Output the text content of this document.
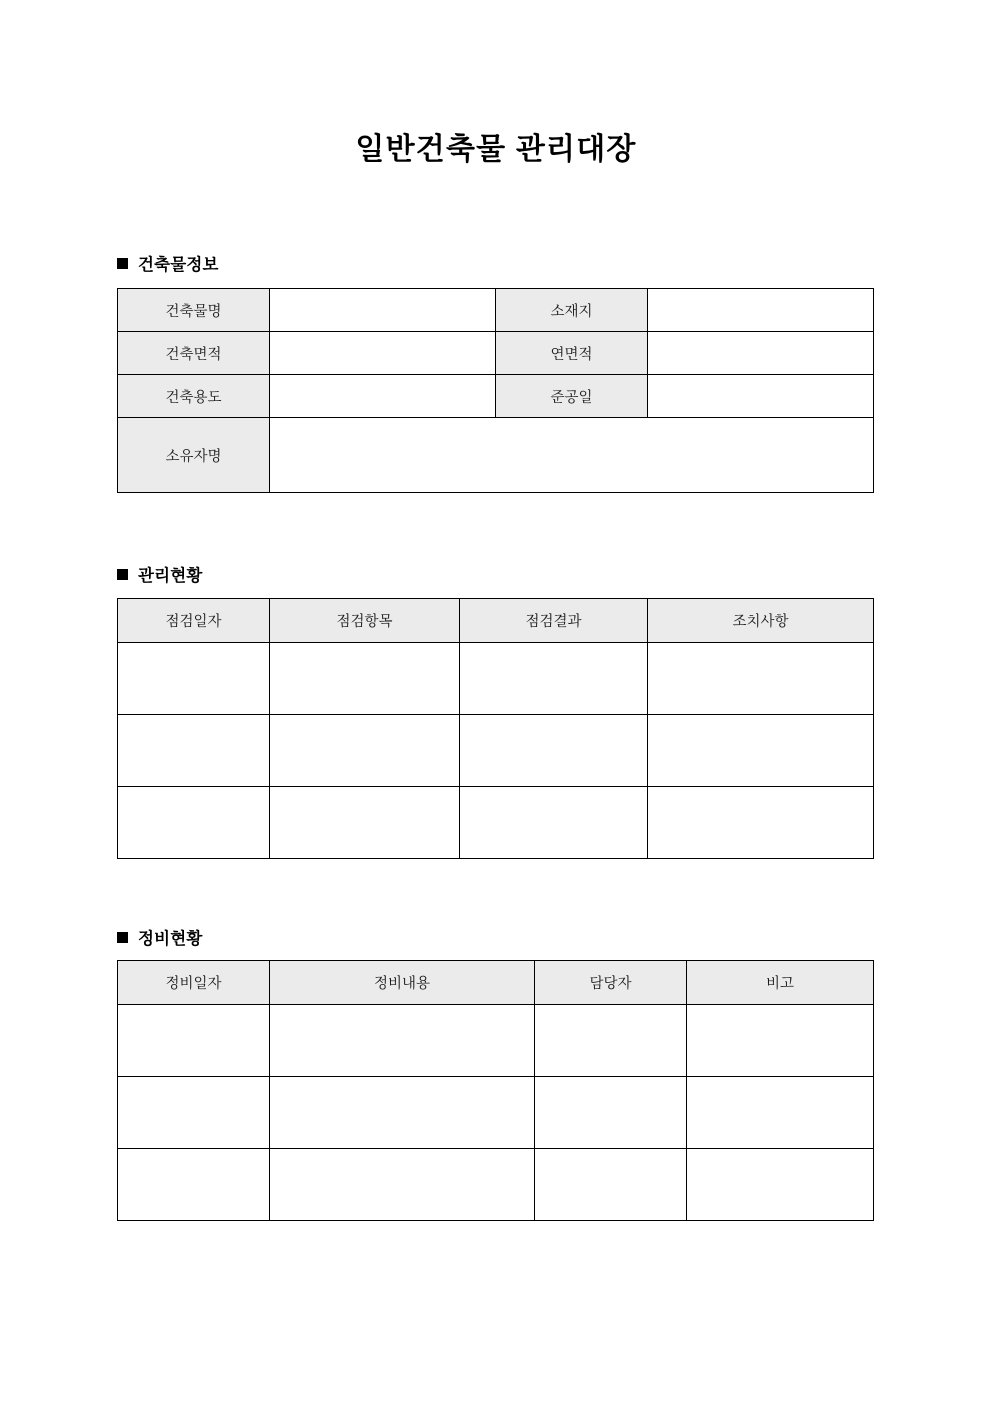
일반건축물 관리대장
건축물정보
건축물명		소재지	
건축면적		연면적	
건축용도		준공일	
소유자명			
관리현황
점검일자	점검항목	점검결과	조치사항

정비현황
정비일자	정비내용	담당자	비고
